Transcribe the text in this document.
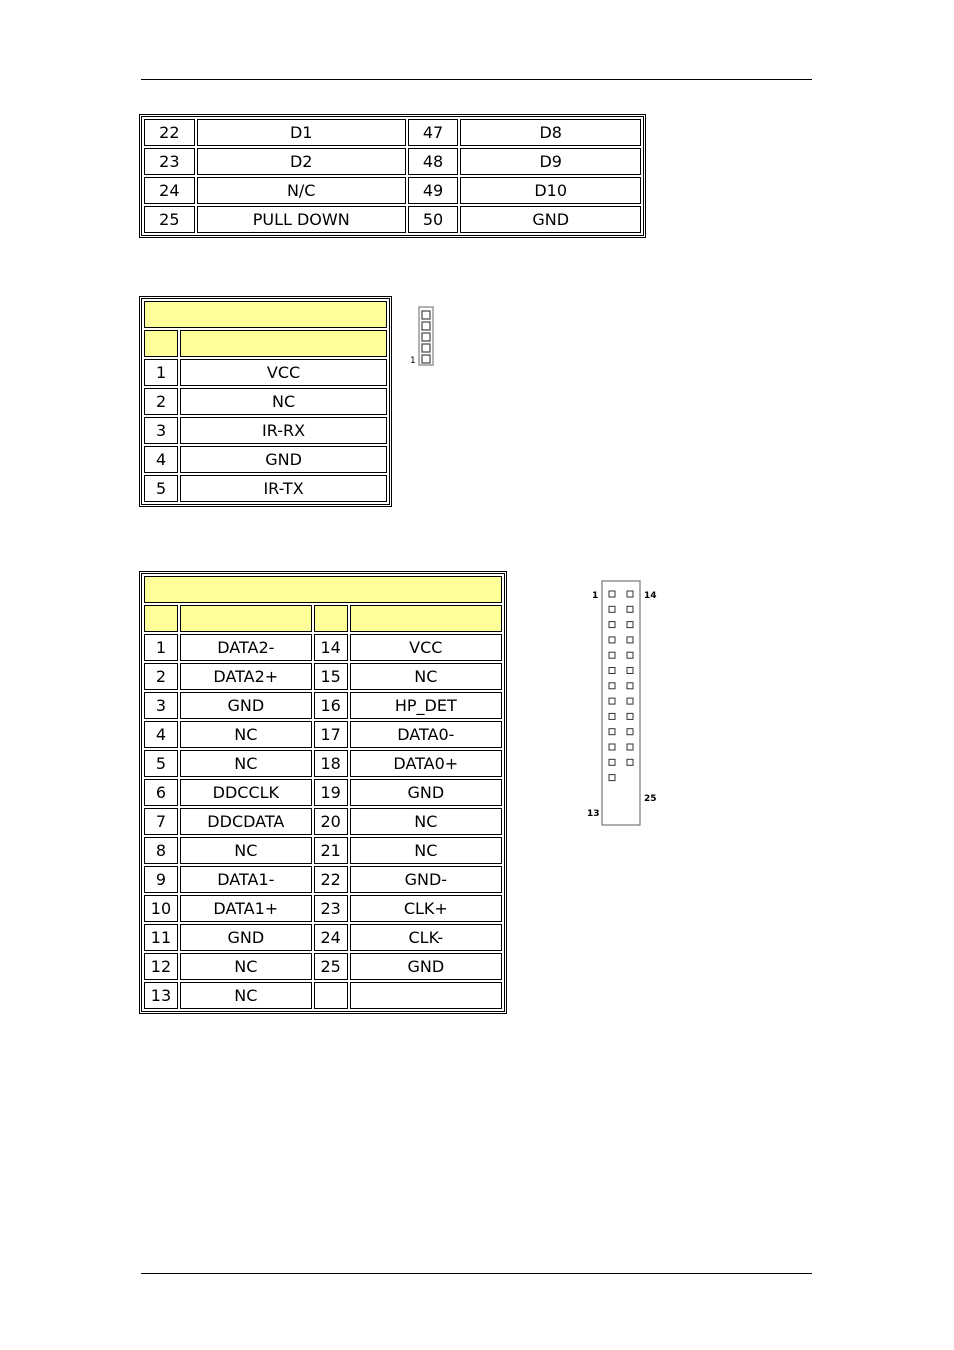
22	D1	47	D8
23	D2	48	D9
24	N/C	49	D10
25	PULL DOWN	50	GND

1	VCC
2	NC
3	IR-RX
4	GND
5	IR-TX
1

1	DATA2-	14	VCC
2	DATA2+	15	NC
3	GND	16	HP_DET
4	NC	17	DATA0-
5	NC	18	DATA0+
6	DDCCLK	19	GND
7	DDCDATA	20	NC
8	NC	21	NC
9	DATA1-	22	GND-
10	DATA1+	23	CLK+
11	GND	24	CLK-
12	NC	25	GND
13	NC		
1	14
25
13
